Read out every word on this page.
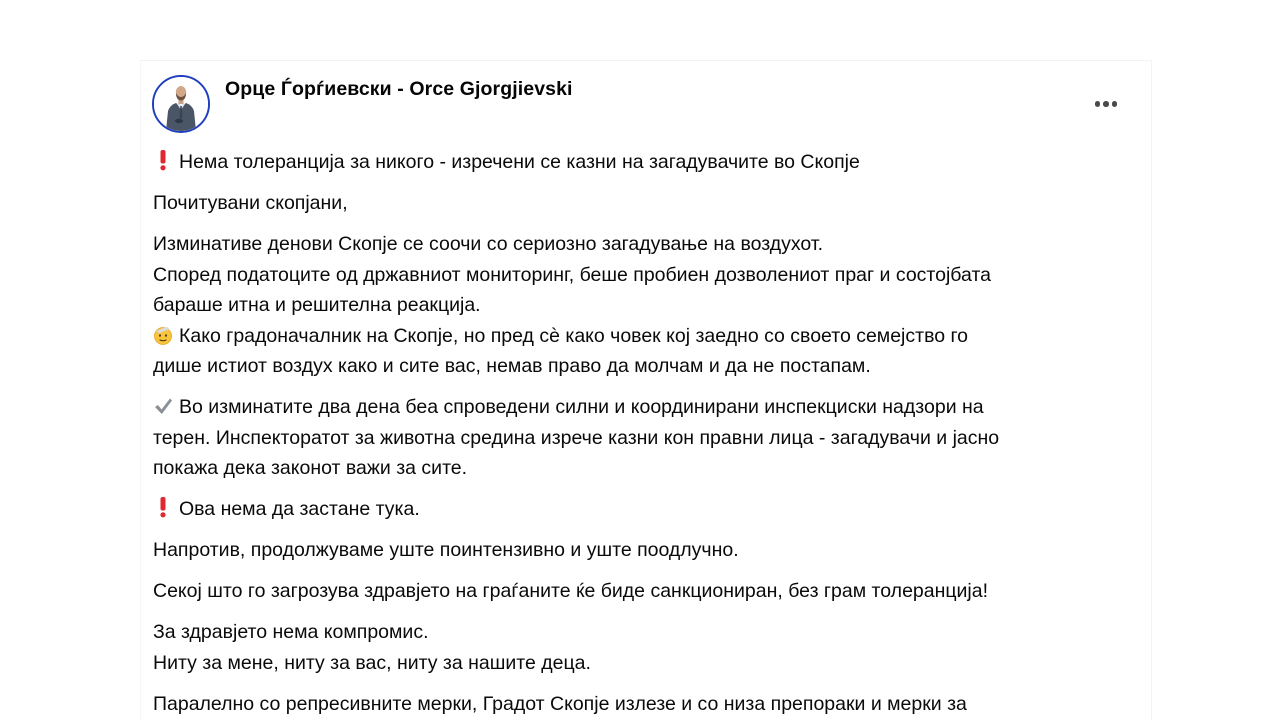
Орце Ѓорѓиевски - Orce Gjorgjievski

Нема толеранција за никого - изречени се казни на загадувачите во Скопје

Почитувани скопјани,

Изминативе денови Скопје се соочи со сериозно загадување на воздухот.
Според податоците од државниот мониторинг, беше пробиен дозволениот праг и состојбата
бараше итна и решителна реакција.
Како градоначалник на Скопје, но пред сѐ како човек кој заедно со своето семејство го
дише истиот воздух како и сите вас, немав право да молчам и да не постапам.

Во изминатите два дена беа спроведени силни и координирани инспекциски надзори на
терен. Инспекторатот за животна средина изрече казни кон правни лица - загадувачи и јасно
покажа дека законот важи за сите.

Ова нема да застане тука.

Напротив, продолжуваме уште поинтензивно и уште поодлучно.

Секој што го загрозува здравјето на граѓаните ќе биде санкциониран, без грам толеранција!

За здравјето нема компромис.
Ниту за мене, ниту за вас, ниту за нашите деца.

Паралелно со репресивните мерки, Градот Скопје излезе и со низа препораки и мерки за
